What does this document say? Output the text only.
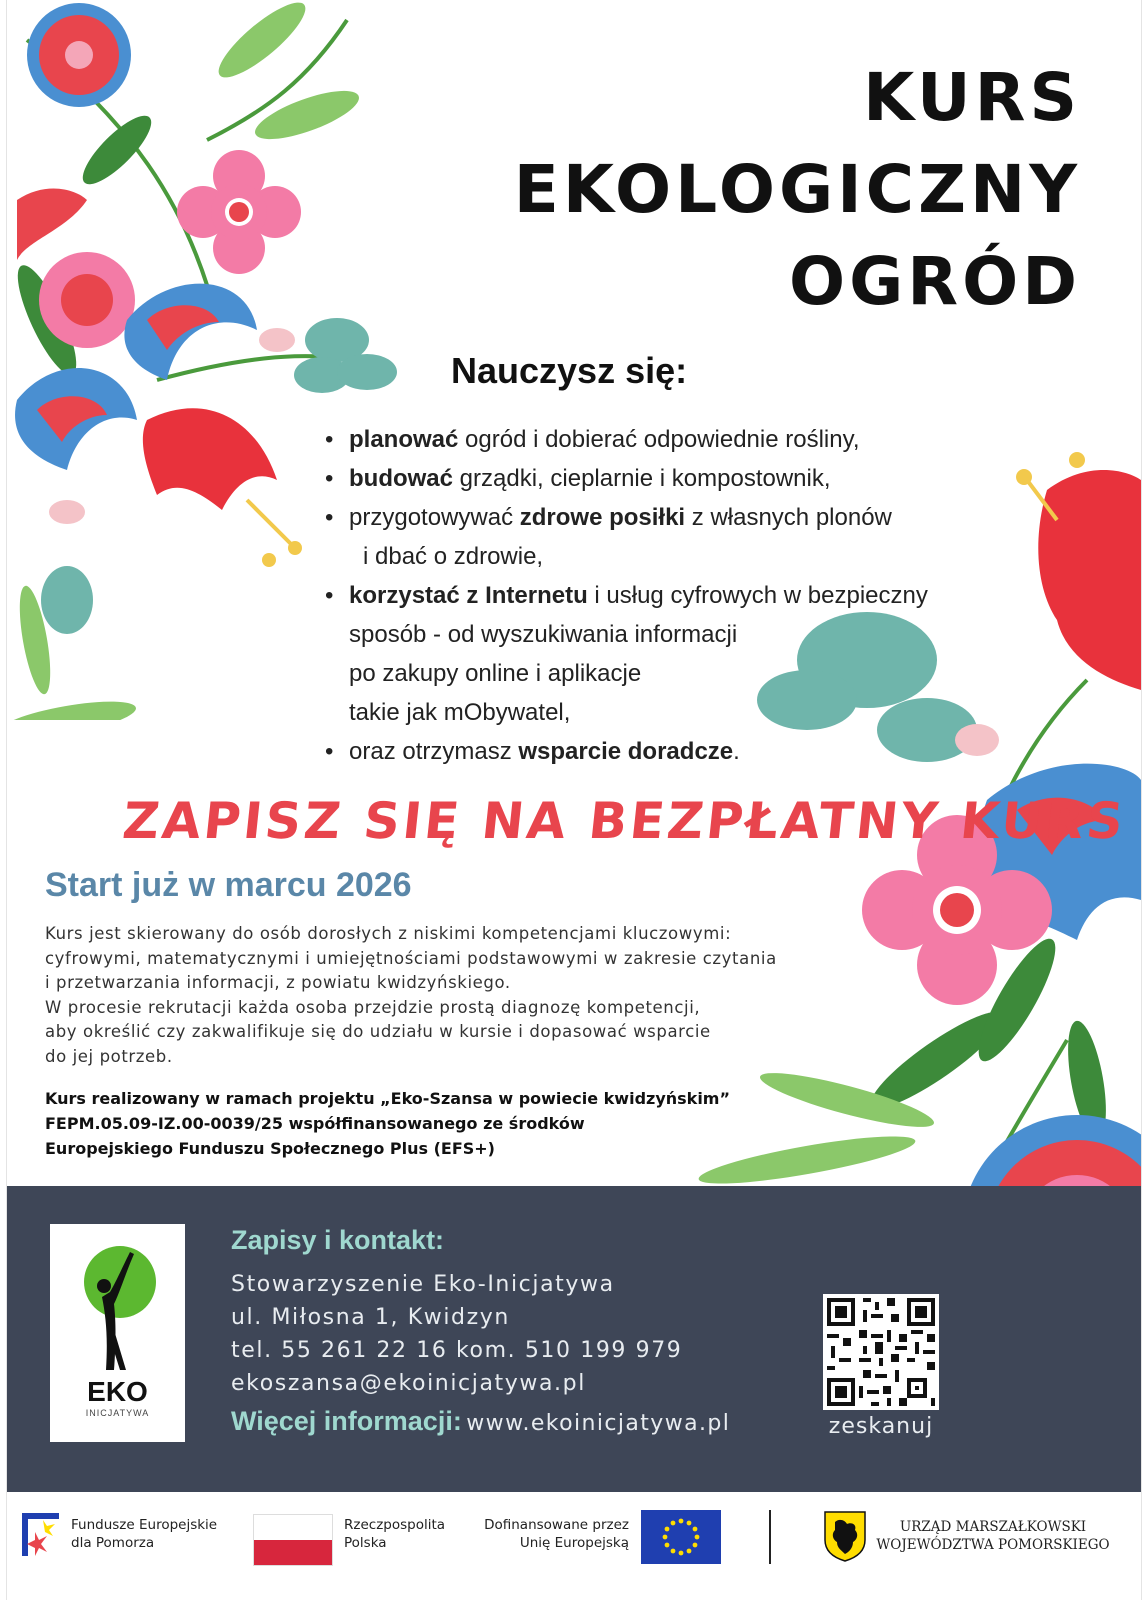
KURS
EKOLOGICZNY
OGRÓD
Nauczysz się:
• planować ogród i dobierać odpowiednie rośliny,
• budować grządki, cieplarnie i kompostownik,
• przygotowywać zdrowe posiłki z własnych plonów
i dbać o zdrowie,
• korzystać z Internetu i usług cyfrowych w bezpieczny
sposób - od wyszukiwania informacji
po zakupy online i aplikacje
takie jak mObywatel,
• oraz otrzymasz wsparcie doradcze.
ZAPISZ SIĘ NA BEZPŁATNY KURS
Start już w marcu 2026
Kurs jest skierowany do osób dorosłych z niskimi kompetencjami kluczowymi:
cyfrowymi, matematycznymi i umiejętnościami podstawowymi w zakresie czytania
i przetwarzania informacji, z powiatu kwidzyńskiego.
W procesie rekrutacji każda osoba przejdzie prostą diagnozę kompetencji,
aby określić czy zakwalifikuje się do udziału w kursie i dopasować wsparcie
do jej potrzeb.
Kurs realizowany w ramach projektu „Eko-Szansa w powiecie kwidzyńskim”
FEPM.05.09-IZ.00-0039/25 współfinansowanego ze środków
Europejskiego Funduszu Społecznego Plus (EFS+)
EKO
INICJATYWA
Zapisy i kontakt:
Stowarzyszenie Eko-Inicjatywa
ul. Miłosna 1, Kwidzyn
tel. 55 261 22 16 kom. 510 199 979
ekoszansa@ekoinicjatywa.pl
Więcej informacji: www.ekoinicjatywa.pl	zeskanuj
Fundusze Europejskie
dla Pomorza
Rzeczpospolita
Polska
Dofinansowane przez
Unię Europejską
URZĄD MARSZAŁKOWSKI
WOJEWÓDZTWA POMORSKIEGO
